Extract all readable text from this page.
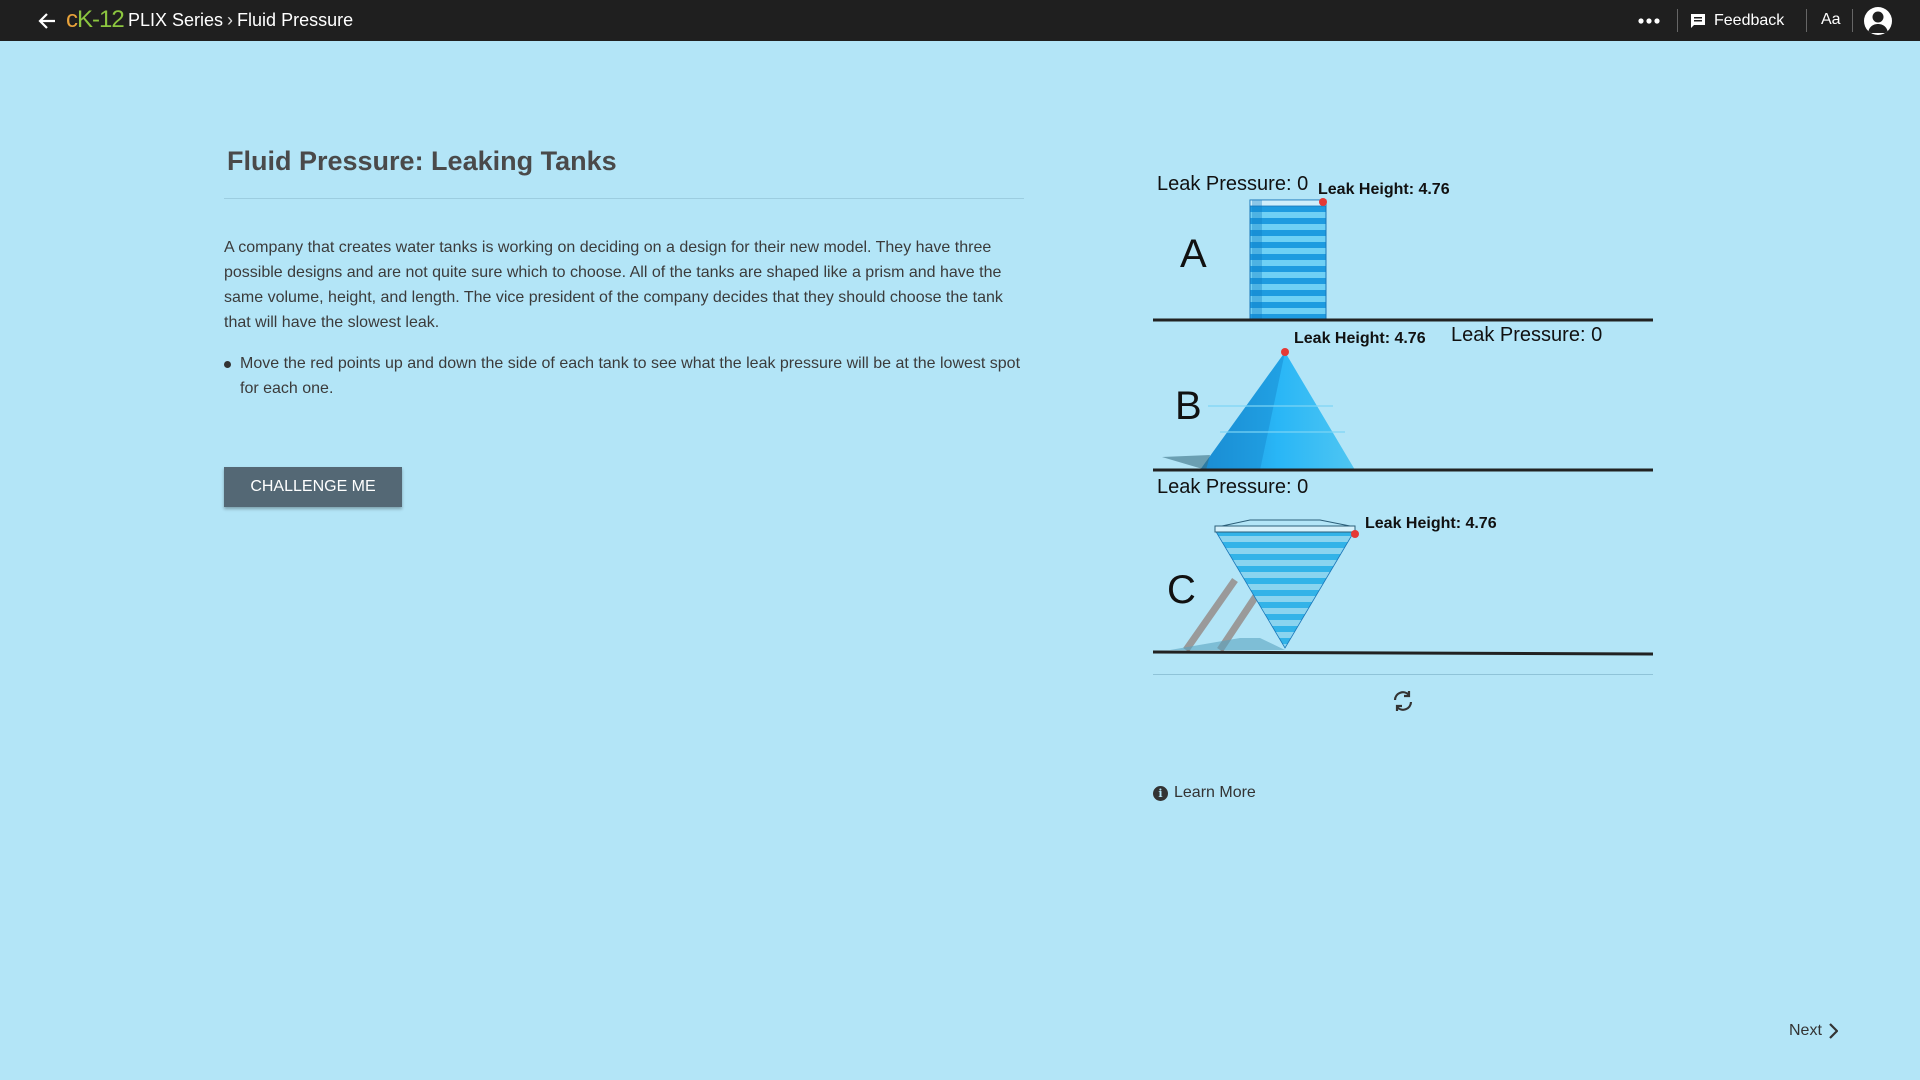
cK-12 PLIX Series › Fluid Pressure	Feedback Aa
Fluid Pressure: Leaking Tanks

A company that creates water tanks is working on deciding on a design for their new model. They have three possible designs and are not quite sure which to choose. All of the tanks are shaped like a prism and have the same volume, height, and length. The vice president of the company decides that they should choose the tank that will have the slowest leak.

Move the red points up and down the side of each tank to see what the leak pressure will be at the lowest spot for each one.
CHALLENGE ME
Leak Pressure: 0 Leak Height: 4.76
A
Leak Height: 4.76 Leak Pressure: 0
B
Leak Pressure: 0
Leak Height: 4.76
C
i Learn More
Next
